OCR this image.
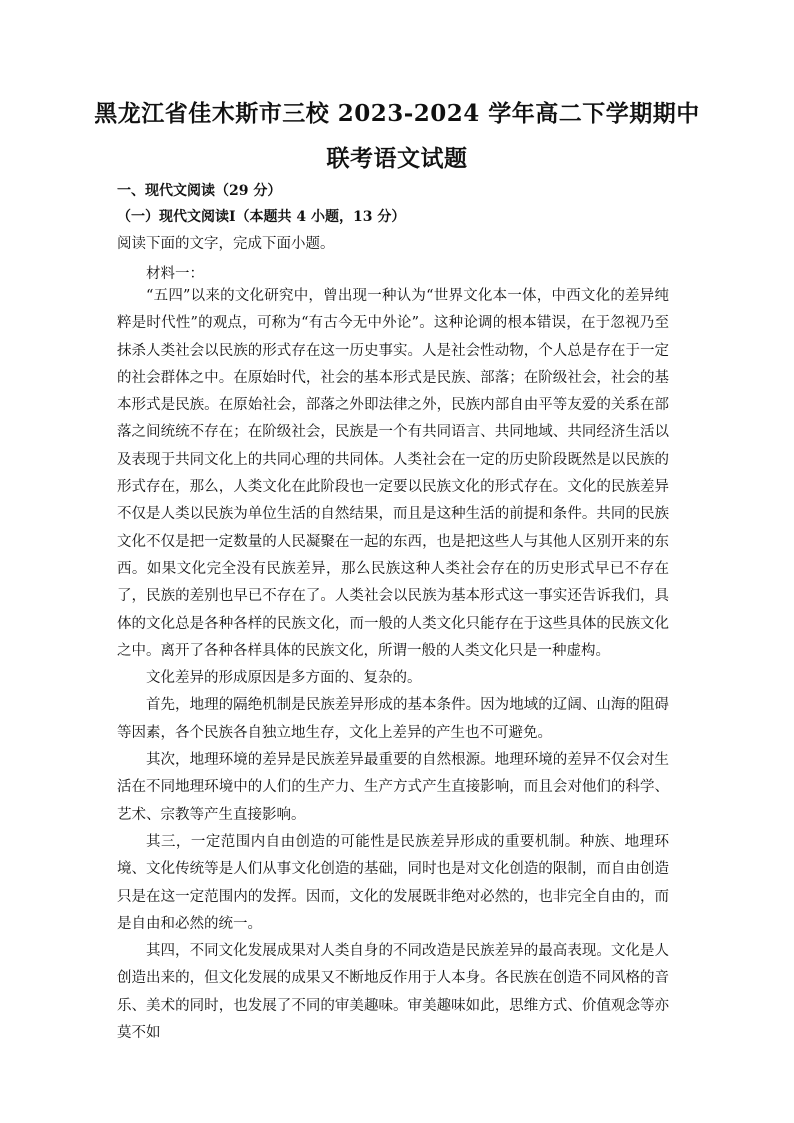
黑龙江省佳木斯市三校 2023-2024 学年高二下学期期中
联考语文试题
一、现代文阅读（29 分）
（一）现代文阅读Ⅰ（本题共 4 小题，13 分）
阅读下面的文字，完成下面小题。
材料一：

“五四”以来的文化研究中，曾出现一种认为“世界文化本一体，中西文化的差异纯粹是时代性”的观点，可称为“有古今无中外论”。这种论调的根本错误，在于忽视乃至抹杀人类社会以民族的形式存在这一历史事实。人是社会性动物，个人总是存在于一定的社会群体之中。在原始时代，社会的基本形式是民族、部落；在阶级社会，社会的基本形式是民族。在原始社会，部落之外即法律之外，民族内部自由平等友爱的关系在部落之间统统不存在；在阶级社会，民族是一个有共同语言、共同地域、共同经济生活以及表现于共同文化上的共同心理的共同体。人类社会在一定的历史阶段既然是以民族的形式存在，那么，人类文化在此阶段也一定要以民族文化的形式存在。文化的民族差异不仅是人类以民族为单位生活的自然结果，而且是这种生活的前提和条件。共同的民族文化不仅是把一定数量的人民凝聚在一起的东西，也是把这些人与其他人区别开来的东西。如果文化完全没有民族差异，那么民族这种人类社会存在的历史形式早已不存在了，民族的差别也早已不存在了。人类社会以民族为基本形式这一事实还告诉我们，具体的文化总是各种各样的民族文化，而一般的人类文化只能存在于这些具体的民族文化之中。离开了各种各样具体的民族文化，所谓一般的人类文化只是一种虚构。

文化差异的形成原因是多方面的、复杂的。

首先，地理的隔绝机制是民族差异形成的基本条件。因为地域的辽阔、山海的阻碍等因素，各个民族各自独立地生存，文化上差异的产生也不可避免。

其次，地理环境的差异是民族差异最重要的自然根源。地理环境的差异不仅会对生活在不同地理环境中的人们的生产力、生产方式产生直接影响，而且会对他们的科学、艺术、宗教等产生直接影响。

其三，一定范围内自由创造的可能性是民族差异形成的重要机制。种族、地理环境、文化传统等是人们从事文化创造的基础，同时也是对文化创造的限制，而自由创造只是在这一定范围内的发挥。因而，文化的发展既非绝对必然的，也非完全自由的，而是自由和必然的统一。

其四，不同文化发展成果对人类自身的不同改造是民族差异的最高表现。文化是人创造出来的，但文化发展的成果又不断地反作用于人本身。各民族在创造不同风格的音乐、美术的同时，也发展了不同的审美趣味。审美趣味如此，思维方式、价值观念等亦莫不如
